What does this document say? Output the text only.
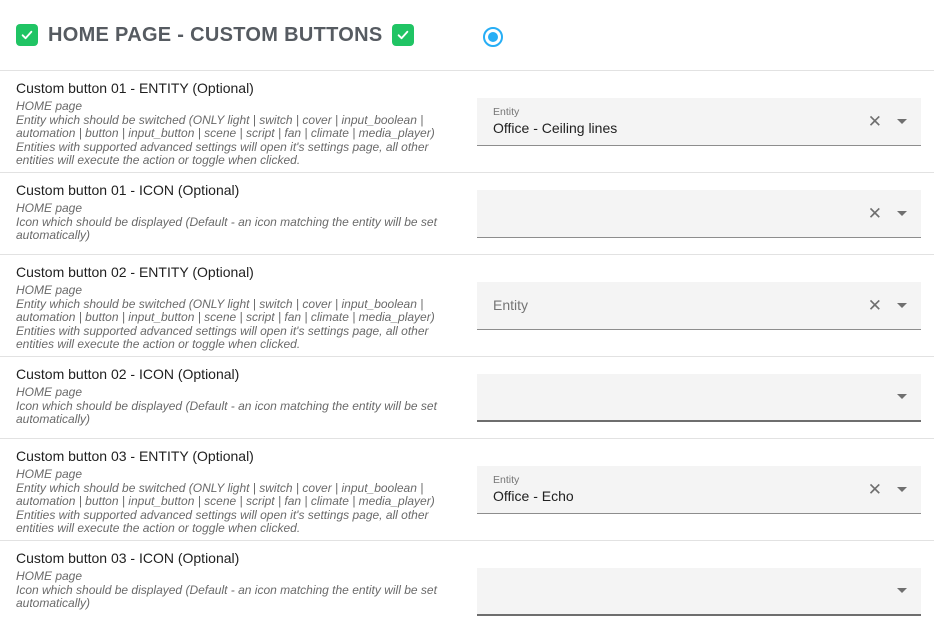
HOME PAGE - CUSTOM BUTTONS
Custom button 01 - ENTITY (Optional)
HOME page
Entity which should be switched (ONLY light | switch | cover | input_boolean | automation | button | input_button | scene | script | fan | climate | media_player)
Entities with supported advanced settings will open it's settings page, all other entities will execute the action or toggle when clicked.
Entity
Office - Ceiling lines	✕
Custom button 01 - ICON (Optional)
HOME page
Icon which should be displayed (Default - an icon matching the entity will be set automatically)
✕
Custom button 02 - ENTITY (Optional)
HOME page
Entity which should be switched (ONLY light | switch | cover | input_boolean | automation | button | input_button | scene | script | fan | climate | media_player)
Entities with supported advanced settings will open it's settings page, all other entities will execute the action or toggle when clicked.
Entity	✕
Custom button 02 - ICON (Optional)
HOME page
Icon which should be displayed (Default - an icon matching the entity will be set automatically)
Custom button 03 - ENTITY (Optional)
HOME page
Entity which should be switched (ONLY light | switch | cover | input_boolean | automation | button | input_button | scene | script | fan | climate | media_player)
Entities with supported advanced settings will open it's settings page, all other entities will execute the action or toggle when clicked.
Entity
Office - Echo	✕
Custom button 03 - ICON (Optional)
HOME page
Icon which should be displayed (Default - an icon matching the entity will be set automatically)
